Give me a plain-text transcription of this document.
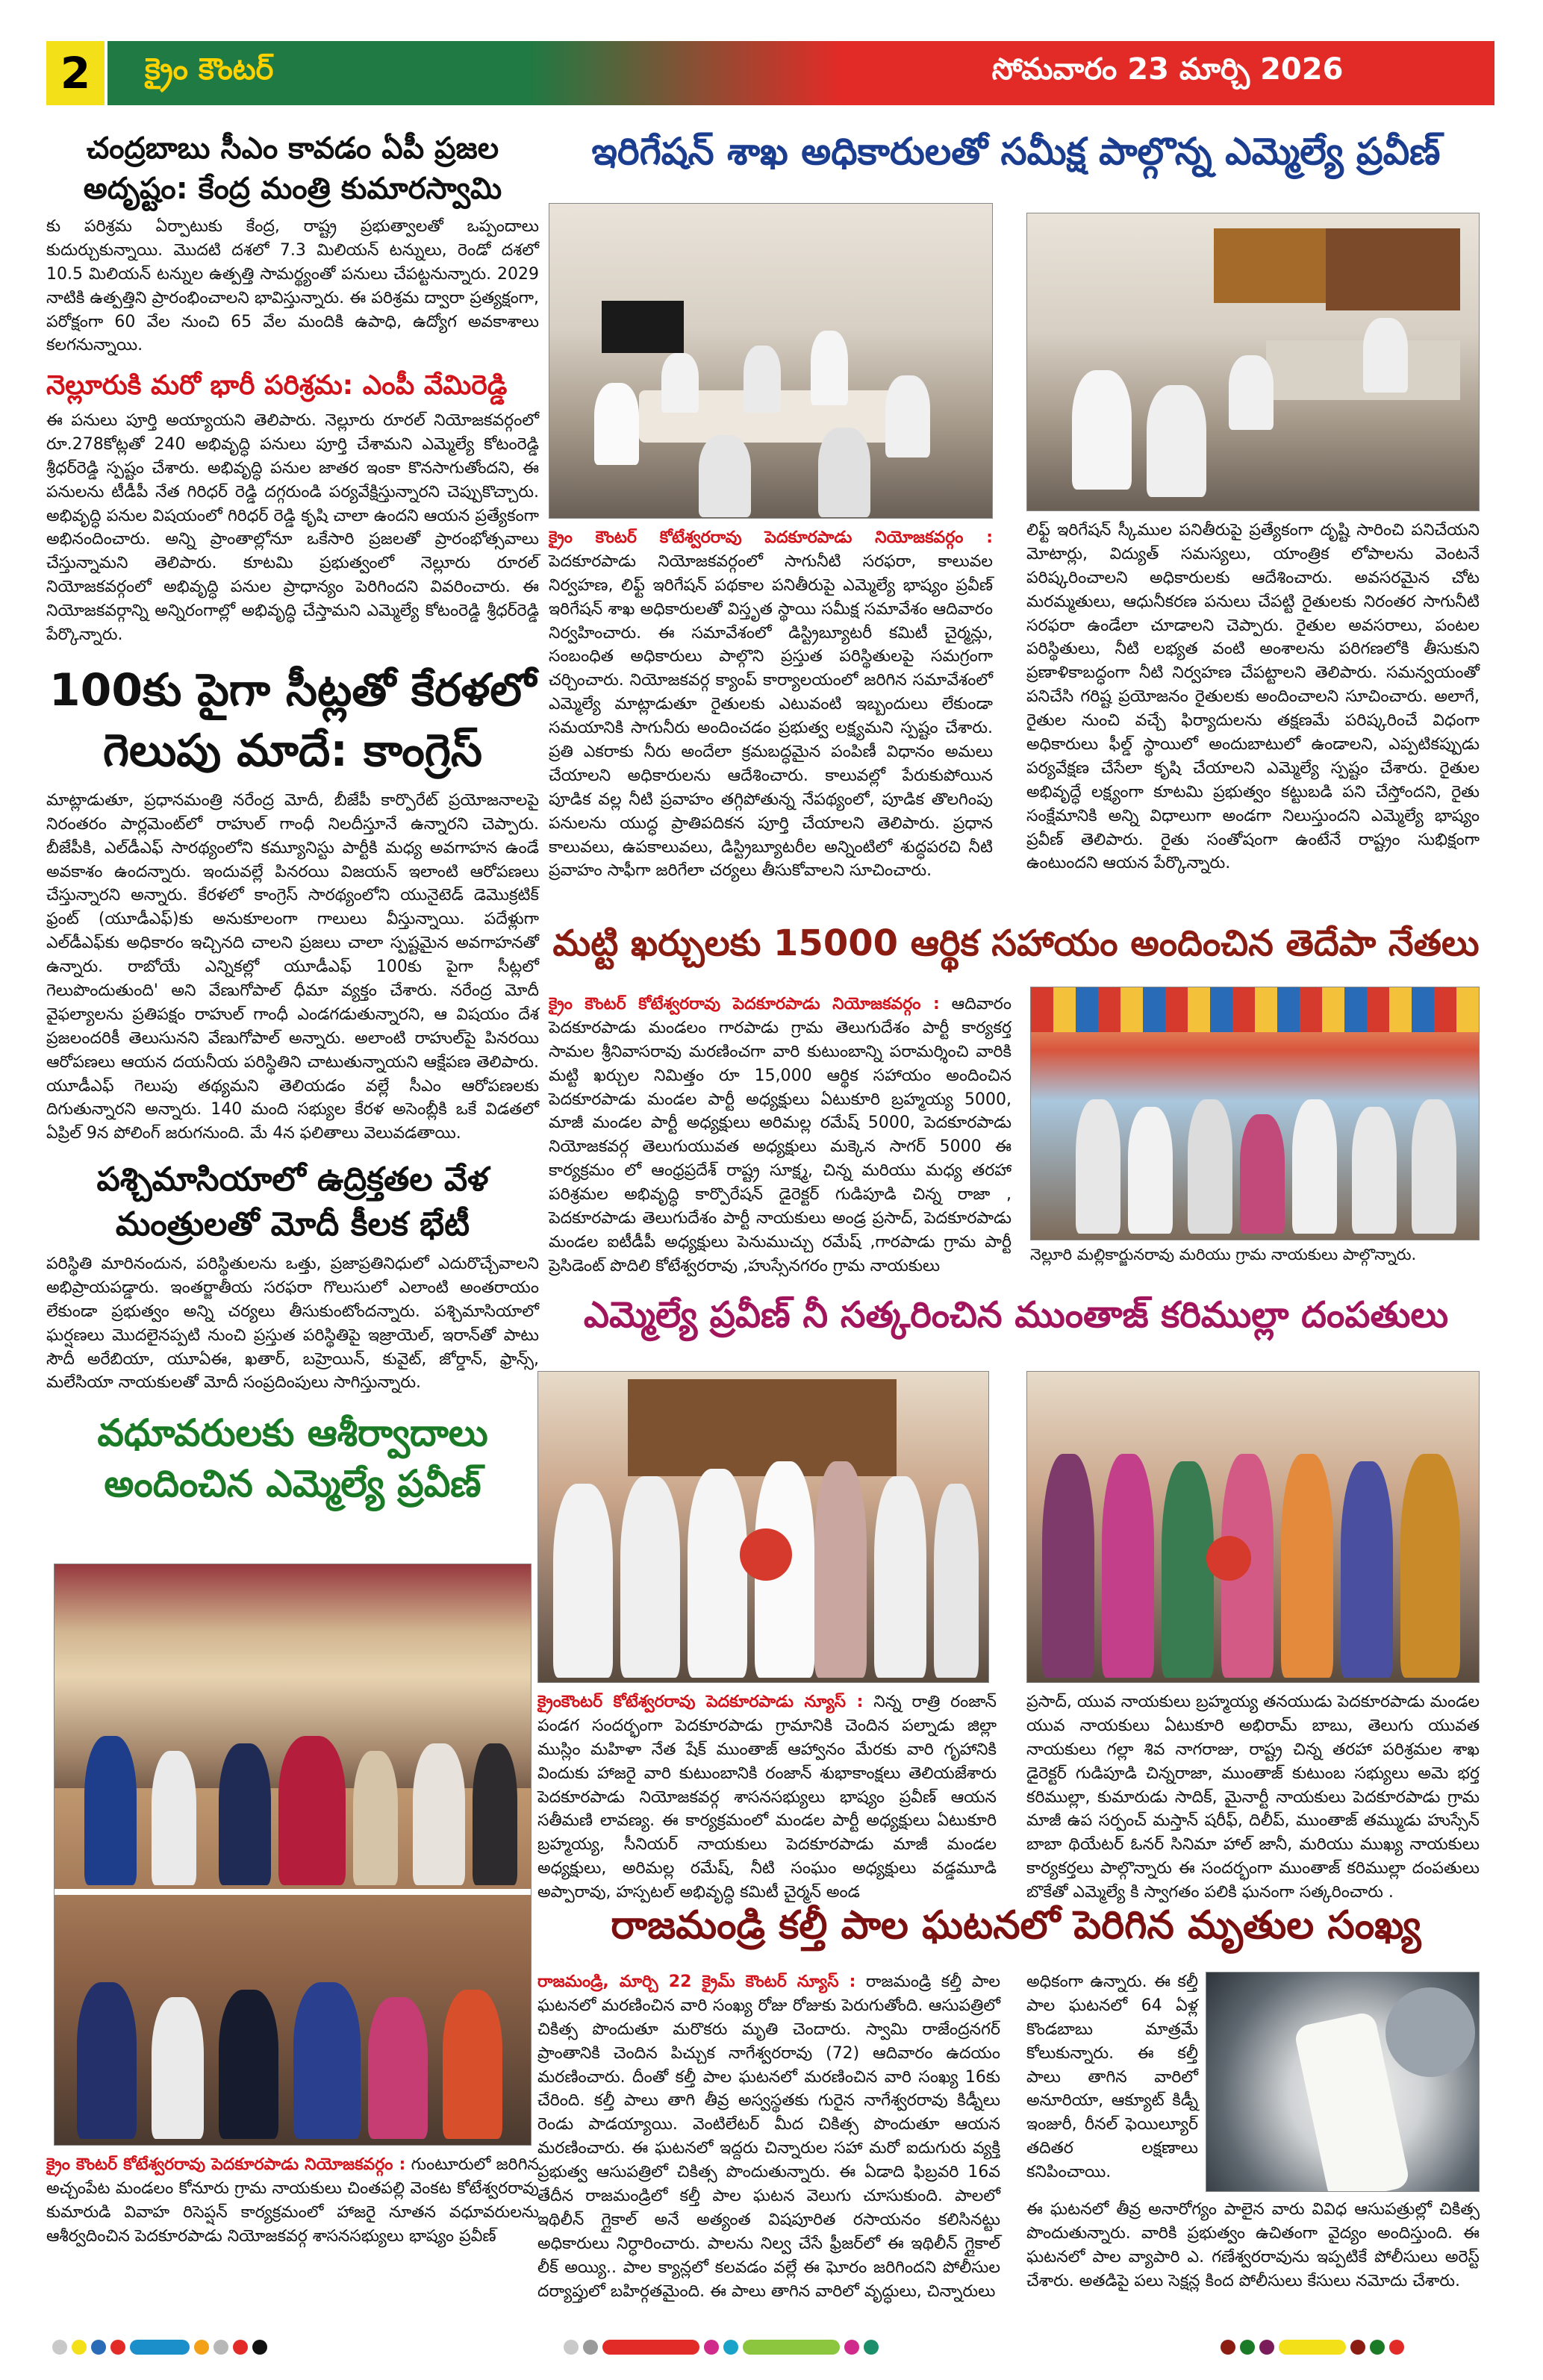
2	క్రైం కౌంటర్	సోమవారం 23 మార్చి 2026
చంద్రబాబు సీఎం కావడం ఏపీ ప్రజల
అదృష్టం: కేంద్ర మంత్రి కుమారస్వామి

కు పరిశ్రమ ఏర్పాటుకు కేంద్ర, రాష్ట్ర ప్రభుత్వాలతో ఒప్పందాలు కుదుర్చుకున్నాయి. మొదటి దశలో 7.3 మిలియన్ టన్నులు, రెండో దశలో 10.5 మిలియన్ టన్నుల ఉత్పత్తి సామర్థ్యంతో పనులు చేపట్టనున్నారు. 2029 నాటికి ఉత్పత్తిని ప్రారంభించాలని భావిస్తున్నారు. ఈ పరిశ్రమ ద్వారా ప్రత్యక్షంగా, పరోక్షంగా 60 వేల నుంచి 65 వేల మందికి ఉపాధి, ఉద్యోగ అవకాశాలు కలగనున్నాయి.

నెల్లూరుకి మరో భారీ పరిశ్రమ: ఎంపీ వేమిరెడ్డి

ఈ పనులు పూర్తి అయ్యాయని తెలిపారు. నెల్లూరు రూరల్ నియోజకవర్గంలో రూ.278కోట్లతో 240 అభివృద్ధి పనులు పూర్తి చేశామని ఎమ్మెల్యే కోటంరెడ్డి శ్రీధర్‌రెడ్డి స్పష్టం చేశారు. అభివృద్ధి పనుల జాతర ఇంకా కొనసాగుతోందని, ఈ పనులను టీడీపీ నేత గిరిధర్ రెడ్డి దగ్గరుండి పర్యవేక్షిస్తున్నారని చెప్పుకొచ్చారు. అభివృద్ధి పనుల విషయంలో గిరిధర్ రెడ్డి కృషి చాలా ఉందని ఆయన ప్రత్యేకంగా అభినందించారు. అన్ని ప్రాంతాల్లోనూ ఒకేసారి ప్రజలతో ప్రారంభోత్సవాలు చేస్తున్నామని తెలిపారు. కూటమి ప్రభుత్వంలో నెల్లూరు రూరల్ నియోజకవర్గంలో అభివృద్ధి పనుల ప్రాధాన్యం పెరిగిందని వివరించారు. ఈ నియోజకవర్గాన్ని అన్నిరంగాల్లో అభివృద్ధి చేస్తామని ఎమ్మెల్యే కోటంరెడ్డి శ్రీధర్‌రెడ్డి పేర్కొన్నారు.

100కు పైగా సీట్లతో కేరళలో
గెలుపు మాదే: కాంగ్రెస్

మాట్లాడుతూ, ప్రధానమంత్రి నరేంద్ర మోదీ, బీజేపీ కార్పొరేట్ ప్రయోజనాలపై నిరంతరం పార్లమెంట్‌లో రాహుల్ గాంధీ నిలదీస్తూనే ఉన్నారని చెప్పారు. బీజేపీకి, ఎల్‌డీఎఫ్ సారథ్యంలోని కమ్యూనిస్టు పార్టీకి మధ్య అవగాహన ఉండే అవకాశం ఉందన్నారు. ఇందువల్లే పినరయి విజయన్ ఇలాంటి ఆరోపణలు చేస్తున్నారని అన్నారు. కేరళలో కాంగ్రెస్ సారథ్యంలోని యునైటెడ్ డెమొక్రటిక్ ఫ్రంట్ (యూడీఎఫ్)కు అనుకూలంగా గాలులు వీస్తున్నాయి. పదేళ్లుగా ఎల్‌డీఎఫ్‌కు అధికారం ఇచ్చినది చాలని ప్రజలు చాలా స్పష్టమైన అవగాహనతో ఉన్నారు. రాబోయే ఎన్నికల్లో యూడీఎఫ్ 100కు పైగా సీట్లలో గెలుపొందుతుంది' అని వేణుగోపాల్ ధీమా వ్యక్తం చేశారు. నరేంద్ర మోదీ వైఫల్యాలను ప్రతిపక్షం రాహుల్ గాంధీ ఎండగడుతున్నారని, ఆ విషయం దేశ ప్రజలందరికీ తెలుసునని వేణుగోపాల్ అన్నారు. అలాంటి రాహుల్‌పై పినరయి ఆరోపణలు ఆయన దయనీయ పరిస్థితిని చాటుతున్నాయని ఆక్షేపణ తెలిపారు. యూడీఎఫ్ గెలుపు తథ్యమని తెలియడం వల్లే సీఎం ఆరోపణలకు దిగుతున్నారని అన్నారు. 140 మంది సభ్యుల కేరళ అసెంబ్లీకి ఒకే విడతలో ఏప్రిల్ 9న పోలింగ్ జరుగనుంది. మే 4న ఫలితాలు వెలువడతాయి.

పశ్చిమాసియాలో ఉద్రిక్తతల వేళ
మంత్రులతో మోదీ కీలక భేటీ

పరిస్థితి మారినందున, పరిస్థితులను ఒత్తు, ప్రజాప్రతినిధులో ఎదురొచ్చేవాలని అభిప్రాయపడ్డారు. ఇంతర్జాతీయ సరఫరా గొలుసులో ఎలాంటి అంతరాయం లేకుండా ప్రభుత్వం అన్ని చర్యలు తీసుకుంటోందన్నారు. పశ్చిమాసియాలో ఘర్షణలు మొదలైనప్పటి నుంచి ప్రస్తుత పరిస్థితిపై ఇజ్రాయెల్, ఇరాన్‌తో పాటు సౌదీ అరేబియా, యూఏఈ, ఖతార్, బహ్రెయిన్, కువైట్, జోర్డాన్, ఫ్రాన్స్, మలేసియా నాయకులతో మోదీ సంప్రదింపులు సాగిస్తున్నారు.

వధూవరులకు ఆశీర్వాదాలు
అందించిన ఎమ్మెల్యే ప్రవీణ్

క్రైం కౌంటర్ కోటేశ్వరరావు పెదకూరపాడు నియోజకవర్గం : గుంటూరులో జరిగిన అచ్చంపేట మండలం కోనూరు గ్రామ నాయకులు చింతపల్లి వెంకట కోటేశ్వరరావు కుమారుడి వివాహ రిసెప్షన్ కార్యక్రమంలో హాజరై నూతన వధూవరులను ఆశీర్వదించిన పెదకూరపాడు నియోజకవర్గ శాసనసభ్యులు భాష్యం ప్రవీణ్

ఇరిగేషన్ శాఖ అధికారులతో సమీక్ష పాల్గొన్న ఎమ్మెల్యే ప్రవీణ్

క్రైం కౌంటర్ కోటేశ్వరరావు పెదకూరపాడు నియోజకవర్గం : పెదకూరపాడు నియోజకవర్గంలో సాగునీటి సరఫరా, కాలువల నిర్వహణ, లిఫ్ట్ ఇరిగేషన్ పథకాల పనితీరుపై ఎమ్మెల్యే భాష్యం ప్రవీణ్ ఇరిగేషన్ శాఖ అధికారులతో విస్తృత స్థాయి సమీక్ష సమావేశం ఆదివారం నిర్వహించారు. ఈ సమావేశంలో డిస్ట్రిబ్యూటరీ కమిటీ చైర్మన్లు, సంబంధిత అధికారులు పాల్గొని ప్రస్తుత పరిస్థితులపై సమగ్రంగా చర్చించారు. నియోజకవర్గ క్యాంప్ కార్యాలయంలో జరిగిన సమావేశంలో ఎమ్మెల్యే మాట్లాడుతూ రైతులకు ఎటువంటి ఇబ్బందులు లేకుండా సమయానికి సాగునీరు అందించడం ప్రభుత్వ లక్ష్యమని స్పష్టం చేశారు. ప్రతి ఎకరాకు నీరు అందేలా క్రమబద్ధమైన పంపిణీ విధానం అమలు చేయాలని అధికారులను ఆదేశించారు. కాలువల్లో పేరుకుపోయిన పూడిక వల్ల నీటి ప్రవాహం తగ్గిపోతున్న నేపథ్యంలో, పూడిక తొలగింపు పనులను యుద్ధ ప్రాతిపదికన పూర్తి చేయాలని తెలిపారు. ప్రధాన కాలువలు, ఉపకాలువలు, డిస్ట్రిబ్యూటరీల అన్నింటిలో శుద్ధపరచి నీటి ప్రవాహం సాఫీగా జరిగేలా చర్యలు తీసుకోవాలని సూచించారు.

లిఫ్ట్ ఇరిగేషన్ స్కీముల పనితీరుపై ప్రత్యేకంగా దృష్టి సారించి పనిచేయని మోటార్లు, విద్యుత్ సమస్యలు, యాంత్రిక లోపాలను వెంటనే పరిష్కరించాలని అధికారులకు ఆదేశించారు. అవసరమైన చోట మరమ్మతులు, ఆధునీకరణ పనులు చేపట్టి రైతులకు నిరంతర సాగునీటి సరఫరా ఉండేలా చూడాలని చెప్పారు. రైతుల అవసరాలు, పంటల పరిస్థితులు, నీటి లభ్యత వంటి అంశాలను పరిగణలోకి తీసుకుని ప్రణాళికాబద్ధంగా నీటి నిర్వహణ చేపట్టాలని తెలిపారు. సమన్వయంతో పనిచేసి గరిష్ట ప్రయోజనం రైతులకు అందించాలని సూచించారు. అలాగే, రైతుల నుంచి వచ్చే ఫిర్యాదులను తక్షణమే పరిష్కరించే విధంగా అధికారులు ఫీల్డ్ స్థాయిలో అందుబాటులో ఉండాలని, ఎప్పటికప్పుడు పర్యవేక్షణ చేసేలా కృషి చేయాలని ఎమ్మెల్యే స్పష్టం చేశారు. రైతుల అభివృద్ధే లక్ష్యంగా కూటమి ప్రభుత్వం కట్టుబడి పని చేస్తోందని, రైతు సంక్షేమానికి అన్ని విధాలుగా అండగా నిలుస్తుందని ఎమ్మెల్యే భాష్యం ప్రవీణ్ తెలిపారు. రైతు సంతోషంగా ఉంటేనే రాష్ట్రం సుభిక్షంగా ఉంటుందని ఆయన పేర్కొన్నారు.

మట్టి ఖర్చులకు 15000 ఆర్థిక సహాయం అందించిన తెదేపా నేతలు

క్రైం కౌంటర్ కోటేశ్వరరావు పెదకూరపాడు నియోజకవర్గం : ఆదివారం పెదకూరపాడు మండలం గారపాడు గ్రామ తెలుగుదేశం పార్టీ కార్యకర్త సామల శ్రీనివాసరావు మరణించగా వారి కుటుంబాన్ని పరామర్శించి వారికి మట్టి ఖర్చుల నిమిత్తం రూ 15,000 ఆర్థిక సహాయం అందించిన పెదకూరపాడు మండల పార్టీ అధ్యక్షులు ఏటుకూరి బ్రహ్మయ్య 5000, మాజీ మండల పార్టీ అధ్యక్షులు అరిమల్ల రమేష్ 5000, పెదకూరపాడు నియోజకవర్గ తెలుగుయువత అధ్యక్షులు మక్కెన సాగర్ 5000 ఈ కార్యక్రమం లో ఆంధ్రప్రదేశ్ రాష్ట్ర సూక్ష్మ, చిన్న మరియు మధ్య తరహా పరిశ్రమల అభివృద్ధి కార్పొరేషన్ డైరెక్టర్ గుడిపూడి చిన్న రాజా , పెదకూరపాడు తెలుగుదేశం పార్టీ నాయకులు అండ్ర ప్రసాద్, పెదకూరపాడు మండల ఐటీడీపీ అధ్యక్షులు పెనుముచ్చు రమేష్ ,గారపాడు గ్రామ పార్టీ ప్రెసిడెంట్ పొదిలి కోటేశ్వరరావు ,హుస్సేనగరం గ్రామ నాయకులు

నెల్లూరి మల్లికార్జునరావు మరియు గ్రామ నాయకులు పాల్గొన్నారు.

ఎమ్మెల్యే ప్రవీణ్ నీ సత్కరించిన ముంతాజ్ కరిముల్లా దంపతులు

క్రైంకౌంటర్ కోటేశ్వరరావు పెదకూరపాడు న్యూస్ : నిన్న రాత్రి రంజాన్ పండగ సందర్భంగా పెదకూరపాడు గ్రామానికి చెందిన పల్నాడు జిల్లా ముస్లిం మహిళా నేత షేక్ ముంతాజ్ ఆహ్వానం మేరకు వారి గృహానికి విందుకు హాజరై వారి కుటుంబానికి రంజాన్ శుభాకాంక్షలు తెలియజేశారు పెదకూరపాడు నియోజకవర్గ శాసనసభ్యులు భాష్యం ప్రవీణ్ ఆయన సతీమణి లావణ్య. ఈ కార్యక్రమంలో మండల పార్టీ అధ్యక్షులు ఏటుకూరి బ్రహ్మయ్య, సీనియర్ నాయకులు పెదకూరపాడు మాజీ మండల అధ్యక్షులు, అరిమల్ల రమేష్, నీటి సంఘం అధ్యక్షులు వడ్డమూడి అప్పారావు, హస్పటల్ అభివృద్ధి కమిటీ చైర్మన్ అండ

ప్రసాద్, యువ నాయకులు బ్రహ్మయ్య తనయుడు పెదకూరపాడు మండల యువ నాయకులు ఏటుకూరి అభిరామ్ బాబు, తెలుగు యువత నాయకులు గల్లా శివ నాగరాజు, రాష్ట్ర చిన్న తరహా పరిశ్రమల శాఖ డైరెక్టర్ గుడిపూడి చిన్నరాజా, ముంతాజ్ కుటుంబ సభ్యులు అమె భర్త కరిముల్లా, కుమారుడు సాదిక్, మైనార్టీ నాయకులు పెదకూరపాడు గ్రామ మాజీ ఉప సర్పంచ్ మస్తాన్ షరీఫ్, దిలీప్, ముంతాజ్ తమ్ముడు హుస్సేన్ బాబా థియేటర్ ఓనర్ సినిమా హాల్ జానీ, మరియు ముఖ్య నాయకులు కార్యకర్తలు పాల్గొన్నారు ఈ సందర్భంగా ముంతాజ్ కరిముల్లా దంపతులు బొకేతో ఎమ్మెల్యే కి స్వాగతం పలికి ఘనంగా సత్కరించారు .

రాజమండ్రి కల్తీ పాల ఘటనలో పెరిగిన మృతుల సంఖ్య

రాజమండ్రి, మార్చి 22 క్రైమ్ కౌంటర్ న్యూస్ : రాజమండ్రి కల్తీ పాల ఘటనలో మరణించిన వారి సంఖ్య రోజు రోజుకు పెరుగుతోంది. ఆసుపత్రిలో చికిత్స పొందుతూ మరొకరు మృతి చెందారు. స్వామి రాజేంద్రనగర్ ప్రాంతానికి చెందిన పిచ్చుక నాగేశ్వరరావు (72) ఆదివారం ఉదయం మరణించారు. దీంతో కల్తీ పాల ఘటనలో మరణించిన వారి సంఖ్య 16కు చేరింది. కల్తీ పాలు తాగి తీవ్ర అస్వస్థతకు గురైన నాగేశ్వరరావు కిడ్నీలు రెండు పాడయ్యాయి. వెంటిలేటర్ మీద చికిత్స పొందుతూ ఆయన మరణించారు. ఈ ఘటనలో ఇద్దరు చిన్నారుల సహా మరో ఐదుగురు వ్యక్తి ప్రభుత్వ ఆసుపత్రిలో చికిత్స పొందుతున్నారు. ఈ ఏడాది ఫిబ్రవరి 16వ తేదీన రాజమండ్రిలో కల్తీ పాల ఘటన వెలుగు చూసుకుంది. పాలలో ఇథిలీన్ గ్లైకాల్ అనే అత్యంత విషపూరిత రసాయనం కలిసినట్టు అధికారులు నిర్ధారించారు. పాలను నిల్వ చేసే ఫ్రీజర్‌లో ఈ ఇథిలీన్ గ్లైకాల్ లీక్ అయ్యి.. పాల క్యాన్లలో కలవడం వల్లే ఈ ఘోరం జరిగిందని పోలీసుల దర్యాప్తులో బహిర్గతమైంది. ఈ పాలు తాగిన వారిలో వృద్ధులు, చిన్నారులు

అధికంగా ఉన్నారు. ఈ కల్తీ పాల ఘటనలో 64 ఏళ్ల కొండబాబు మాత్రమే కోలుకున్నారు. ఈ కల్తీ పాలు తాగిన వారిలో అనూరియా, ఆక్యూట్ కిడ్నీ ఇంజురీ, రీనల్ ఫెయిల్యూర్ తదితర లక్షణాలు కనిపించాయి.

ఈ ఘటనలో తీవ్ర అనారోగ్యం పాలైన వారు వివిధ ఆసుపత్రుల్లో చికిత్స పొందుతున్నారు. వారికి ప్రభుత్వం ఉచితంగా వైద్యం అందిస్తుంది. ఈ ఘటనలో పాల వ్యాపారి ఎ. గణేశ్వరరావును ఇప్పటికే పోలీసులు అరెస్ట్ చేశారు. అతడిపై పలు సెక్షన్ల కింద పోలీసులు కేసులు నమోదు చేశారు.
